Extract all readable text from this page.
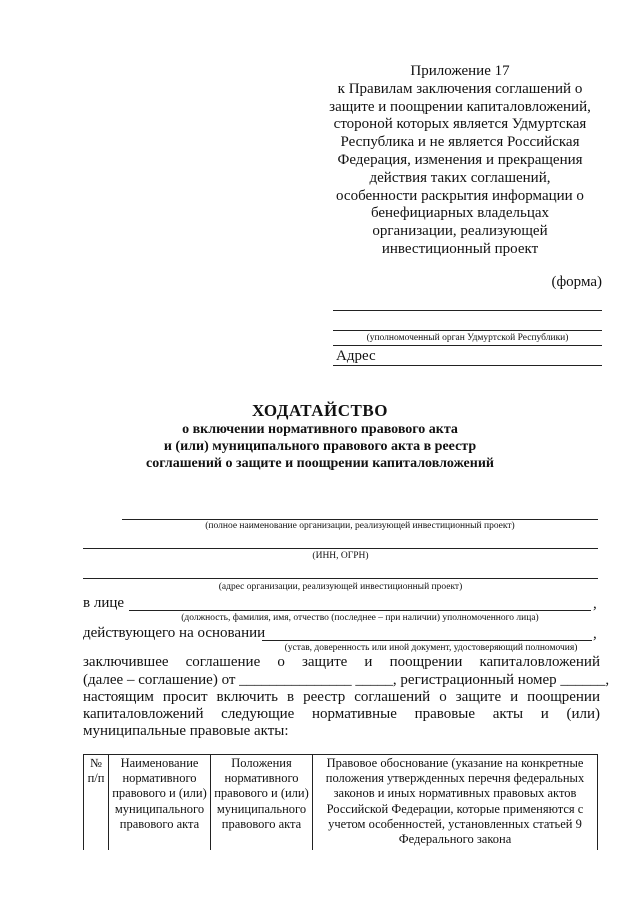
Приложение 17
к Правилам заключения соглашений о
защите и поощрении капиталовложений,
стороной которых является Удмуртская
Республика и не является Российская
Федерация, изменения и прекращения
действия таких соглашений,
особенности раскрытия информации о
бенефициарных владельцах
организации, реализующей
инвестиционный проект
(форма)
(уполномоченный орган Удмуртской Республики)
Адрес
ХОДАТАЙСТВО
о включении нормативного правового акта
и (или) муниципального правового акта в реестр
соглашений о защите и поощрении капиталовложений
(полное наименование организации, реализующей инвестиционный проект)
(ИНН, ОГРН)
(адрес организации, реализующей инвестиционный проект)
в лице	,
(должность, фамилия, имя, отчество (последнее – при наличии) уполномоченного лица)
действующего на основании	,
(устав, доверенность или иной документ, удостоверяющий полномочия)
заключившее соглашение о защите и поощрении капиталовложений
(далее – соглашение) от _______________ _____, регистрационный номер ______,
настоящим просит включить в реестр соглашений о защите и поощрении
капиталовложений следующие нормативные правовые акты и (или)
муниципальные правовые акты:
№ п/п	Наименование нормативного правового и (или) муниципального правового акта	Положения нормативного правового и (или) муниципального правового акта	Правовое обоснование (указание на конкретные положения утвержденных перечня федеральных законов и иных нормативных правовых актов Российской Федерации, которые применяются с учетом особенностей, установленных статьей 9 Федерального закона
